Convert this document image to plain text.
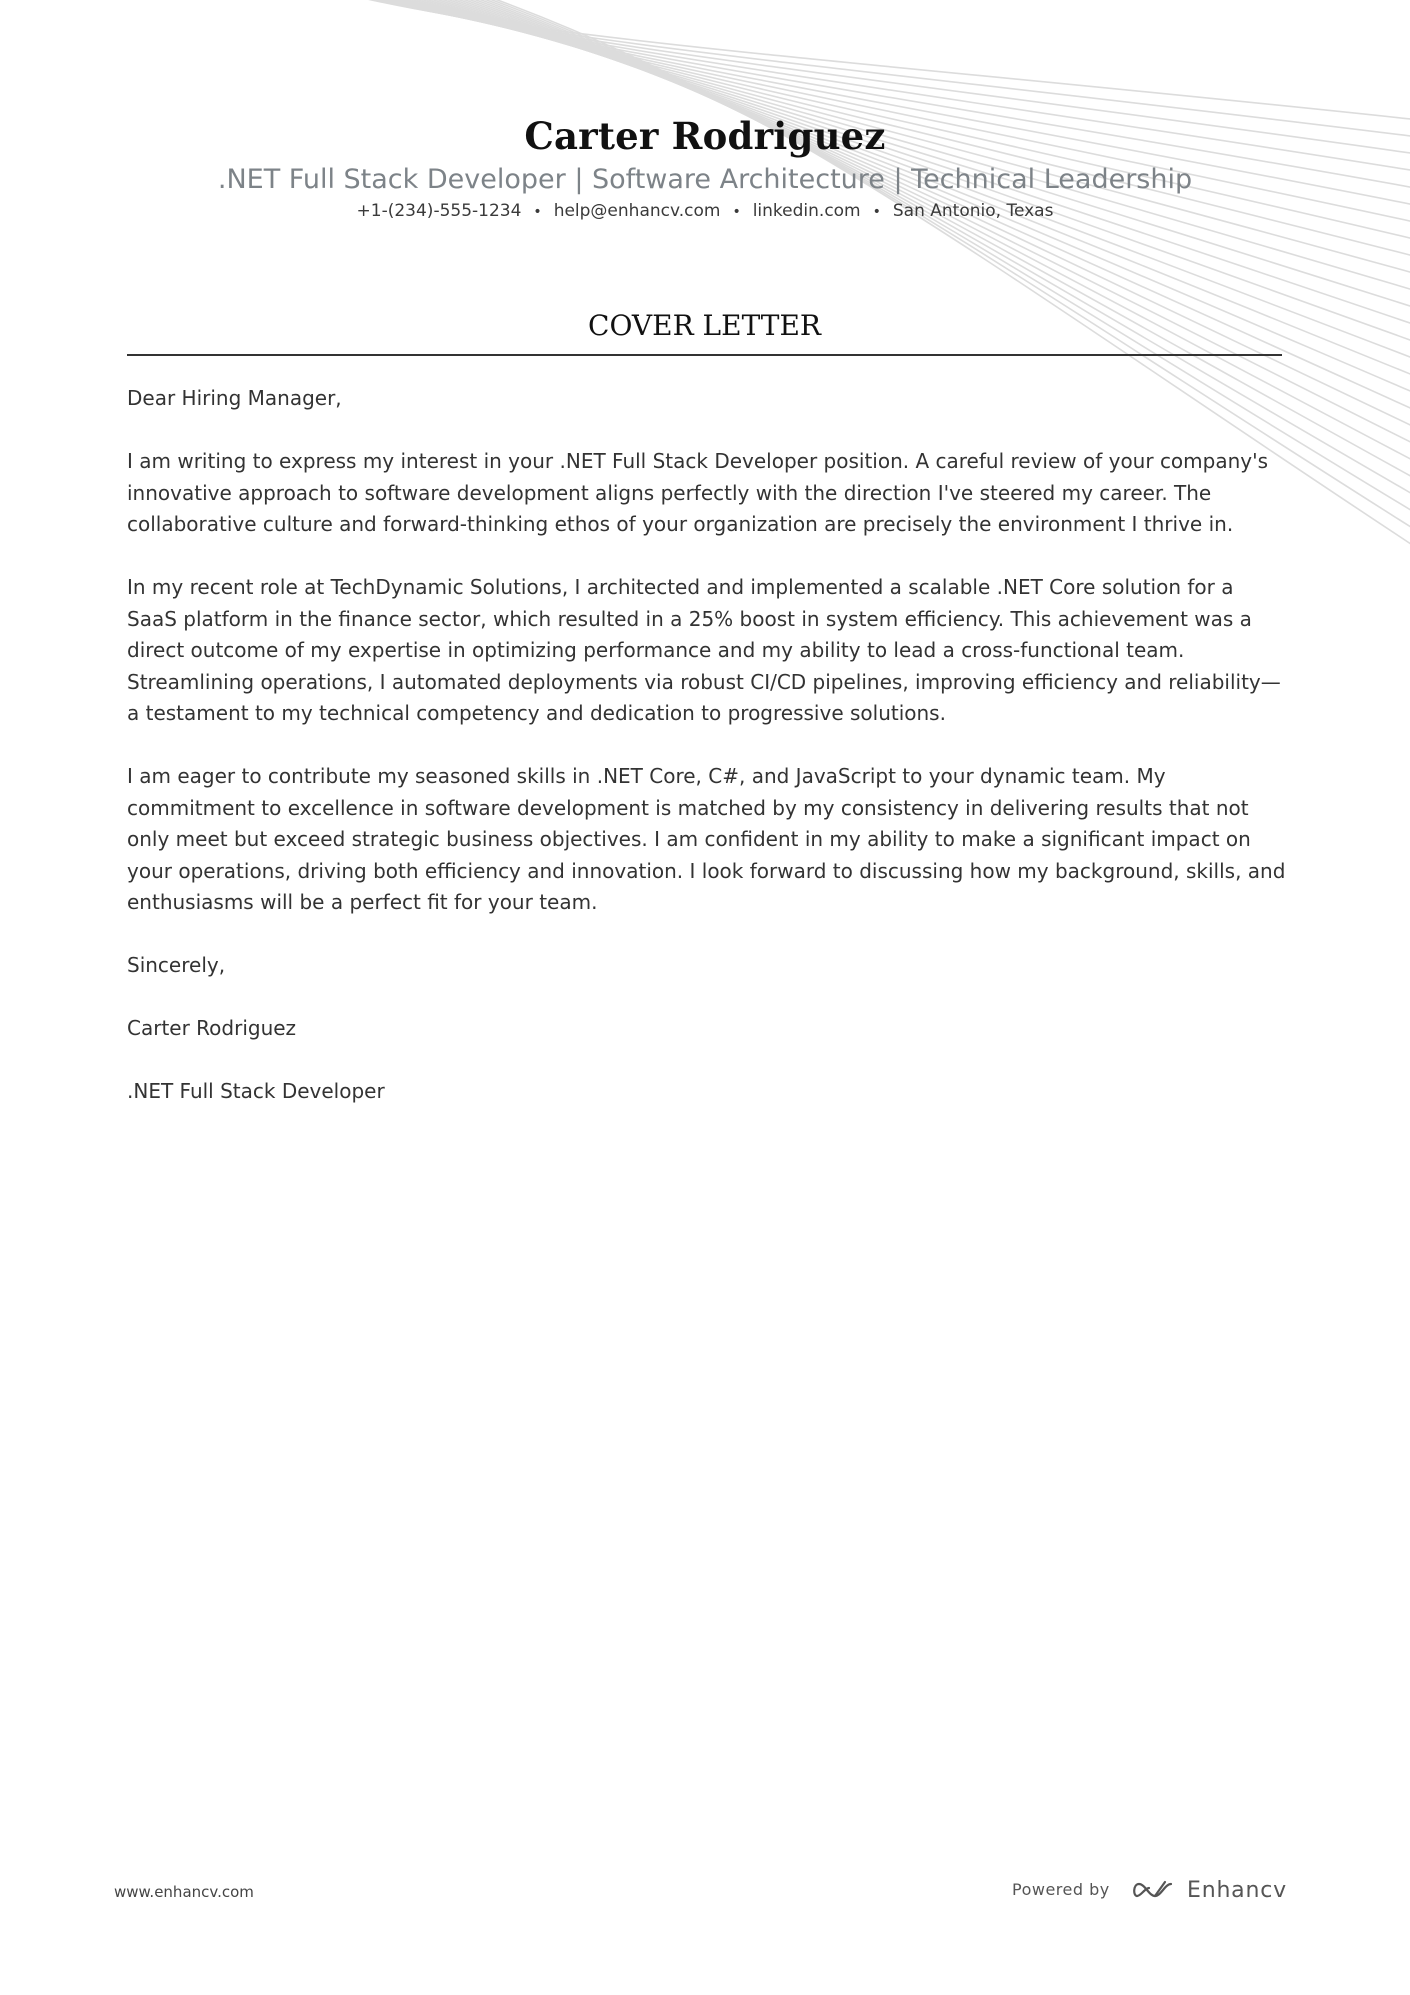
Carter Rodriguez
.NET Full Stack Developer | Software Architecture | Technical Leadership
+1-(234)-555-1234 • help@enhancv.com • linkedin.com • San Antonio, Texas
COVER LETTER

Dear Hiring Manager,

I am writing to express my interest in your .NET Full Stack Developer position. A careful review of your company's innovative approach to software development aligns perfectly with the direction I've steered my career. The collaborative culture and forward-thinking ethos of your organization are precisely the environment I thrive in.

In my recent role at TechDynamic Solutions, I architected and implemented a scalable .NET Core solution for a SaaS platform in the finance sector, which resulted in a 25% boost in system efficiency. This achievement was a direct outcome of my expertise in optimizing performance and my ability to lead a cross-functional team. Streamlining operations, I automated deployments via robust CI/CD pipelines, improving efficiency and reliability—a testament to my technical competency and dedication to progressive solutions.

I am eager to contribute my seasoned skills in .NET Core, C#, and JavaScript to your dynamic team. My commitment to excellence in software development is matched by my consistency in delivering results that not only meet but exceed strategic business objectives. I am confident in my ability to make a significant impact on your operations, driving both efficiency and innovation. I look forward to discussing how my background, skills, and enthusiasms will be a perfect fit for your team.

Sincerely,

Carter Rodriguez

.NET Full Stack Developer

www.enhancv.com	Powered by	Enhancv
